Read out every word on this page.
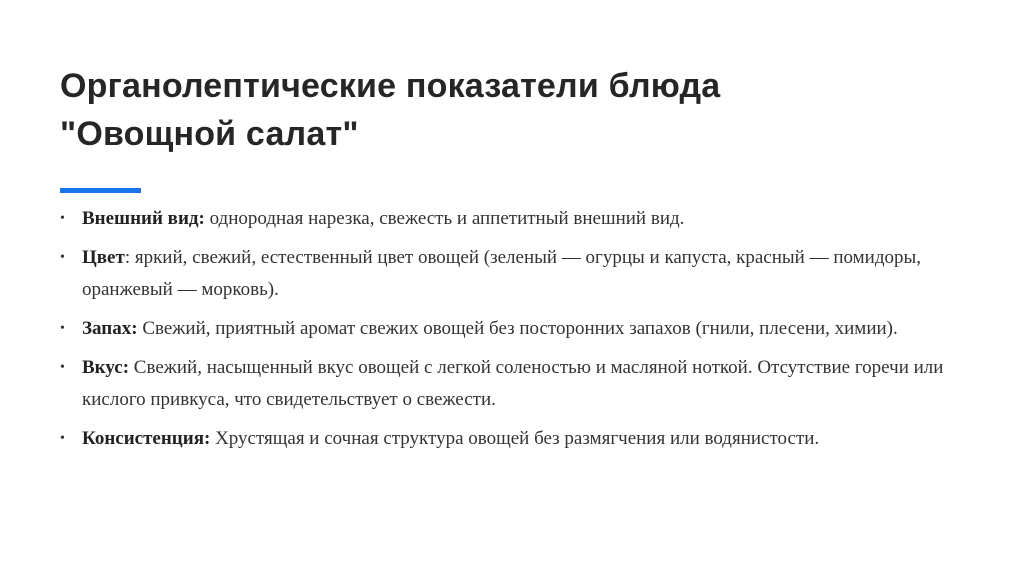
Органолептические показатели блюда
"Овощной салат"
• Внешний вид: однородная нарезка, свежесть и аппетитный внешний вид.
• Цвет: яркий, свежий, естественный цвет овощей (зеленый — огурцы и капуста, красный — помидоры, оранжевый — морковь).
• Запах: Свежий, приятный аромат свежих овощей без посторонних запахов (гнили, плесени, химии).
• Вкус: Свежий, насыщенный вкус овощей с легкой соленостью и масляной ноткой. Отсутствие горечи или кислого привкуса, что свидетельствует о свежести.
• Консистенция: Хрустящая и сочная структура овощей без размягчения или водянистости.
